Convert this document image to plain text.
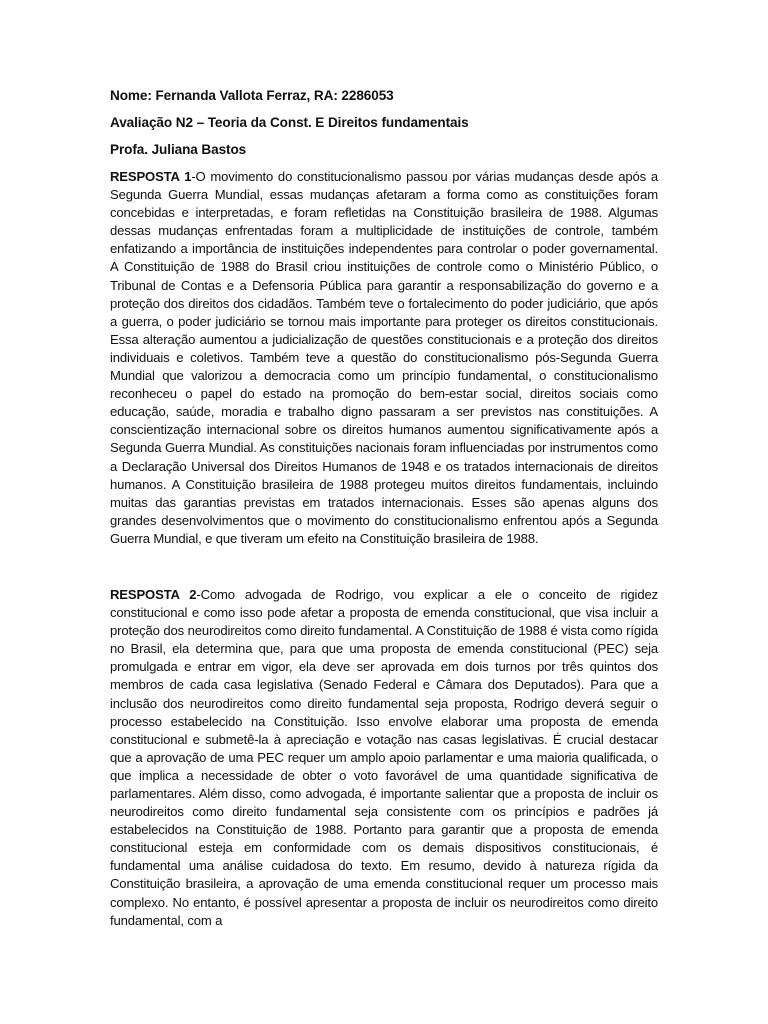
Nome: Fernanda Vallota Ferraz, RA: 2286053

Avaliação N2 – Teoria da Const. E Direitos fundamentais

Profa. Juliana Bastos

RESPOSTA 1-O movimento do constitucionalismo passou por várias mudanças desde após a Segunda Guerra Mundial, essas mudanças afetaram a forma como as constituições foram concebidas e interpretadas, e foram refletidas na Constituição brasileira de 1988. Algumas dessas mudanças enfrentadas foram a multiplicidade de instituições de controle, também enfatizando a importância de instituições independentes para controlar o poder governamental. A Constituição de 1988 do Brasil criou instituições de controle como o Ministério Público, o Tribunal de Contas e a Defensoria Pública para garantir a responsabilização do governo e a proteção dos direitos dos cidadãos. Também teve o fortalecimento do poder judiciário, que após a guerra, o poder judiciário se tornou mais importante para proteger os direitos constitucionais. Essa alteração aumentou a judicialização de questões constitucionais e a proteção dos direitos individuais e coletivos. Também teve a questão do constitucionalismo pós-Segunda Guerra Mundial que valorizou a democracia como um princípio fundamental, o constitucionalismo reconheceu o papel do estado na promoção do bem-estar social, direitos sociais como educação, saúde, moradia e trabalho digno passaram a ser previstos nas constituições. A conscientização internacional sobre os direitos humanos aumentou significativamente após a Segunda Guerra Mundial. As constituições nacionais foram influenciadas por instrumentos como a Declaração Universal dos Direitos Humanos de 1948 e os tratados internacionais de direitos humanos. A Constituição brasileira de 1988 protegeu muitos direitos fundamentais, incluindo muitas das garantias previstas em tratados internacionais. Esses são apenas alguns dos grandes desenvolvimentos que o movimento do constitucionalismo enfrentou após a Segunda Guerra Mundial, e que tiveram um efeito na Constituição brasileira de 1988.

RESPOSTA 2-Como advogada de Rodrigo, vou explicar a ele o conceito de rigidez constitucional e como isso pode afetar a proposta de emenda constitucional, que visa incluir a proteção dos neurodireitos como direito fundamental. A Constituição de 1988 é vista como rígida no Brasil, ela determina que, para que uma proposta de emenda constitucional (PEC) seja promulgada e entrar em vigor, ela deve ser aprovada em dois turnos por três quintos dos membros de cada casa legislativa (Senado Federal e Câmara dos Deputados). Para que a inclusão dos neurodireitos como direito fundamental seja proposta, Rodrigo deverá seguir o processo estabelecido na Constituição. Isso envolve elaborar uma proposta de emenda constitucional e submetê-la à apreciação e votação nas casas legislativas. É crucial destacar que a aprovação de uma PEC requer um amplo apoio parlamentar e uma maioria qualificada, o que implica a necessidade de obter o voto favorável de uma quantidade significativa de parlamentares. Além disso, como advogada, é importante salientar que a proposta de incluir os neurodireitos como direito fundamental seja consistente com os princípios e padrões já estabelecidos na Constituição de 1988. Portanto para garantir que a proposta de emenda constitucional esteja em conformidade com os demais dispositivos constitucionais, é fundamental uma análise cuidadosa do texto. Em resumo, devido à natureza rígida da Constituição brasileira, a aprovação de uma emenda constitucional requer um processo mais complexo. No entanto, é possível apresentar a proposta de incluir os neurodireitos como direito fundamental, com a
